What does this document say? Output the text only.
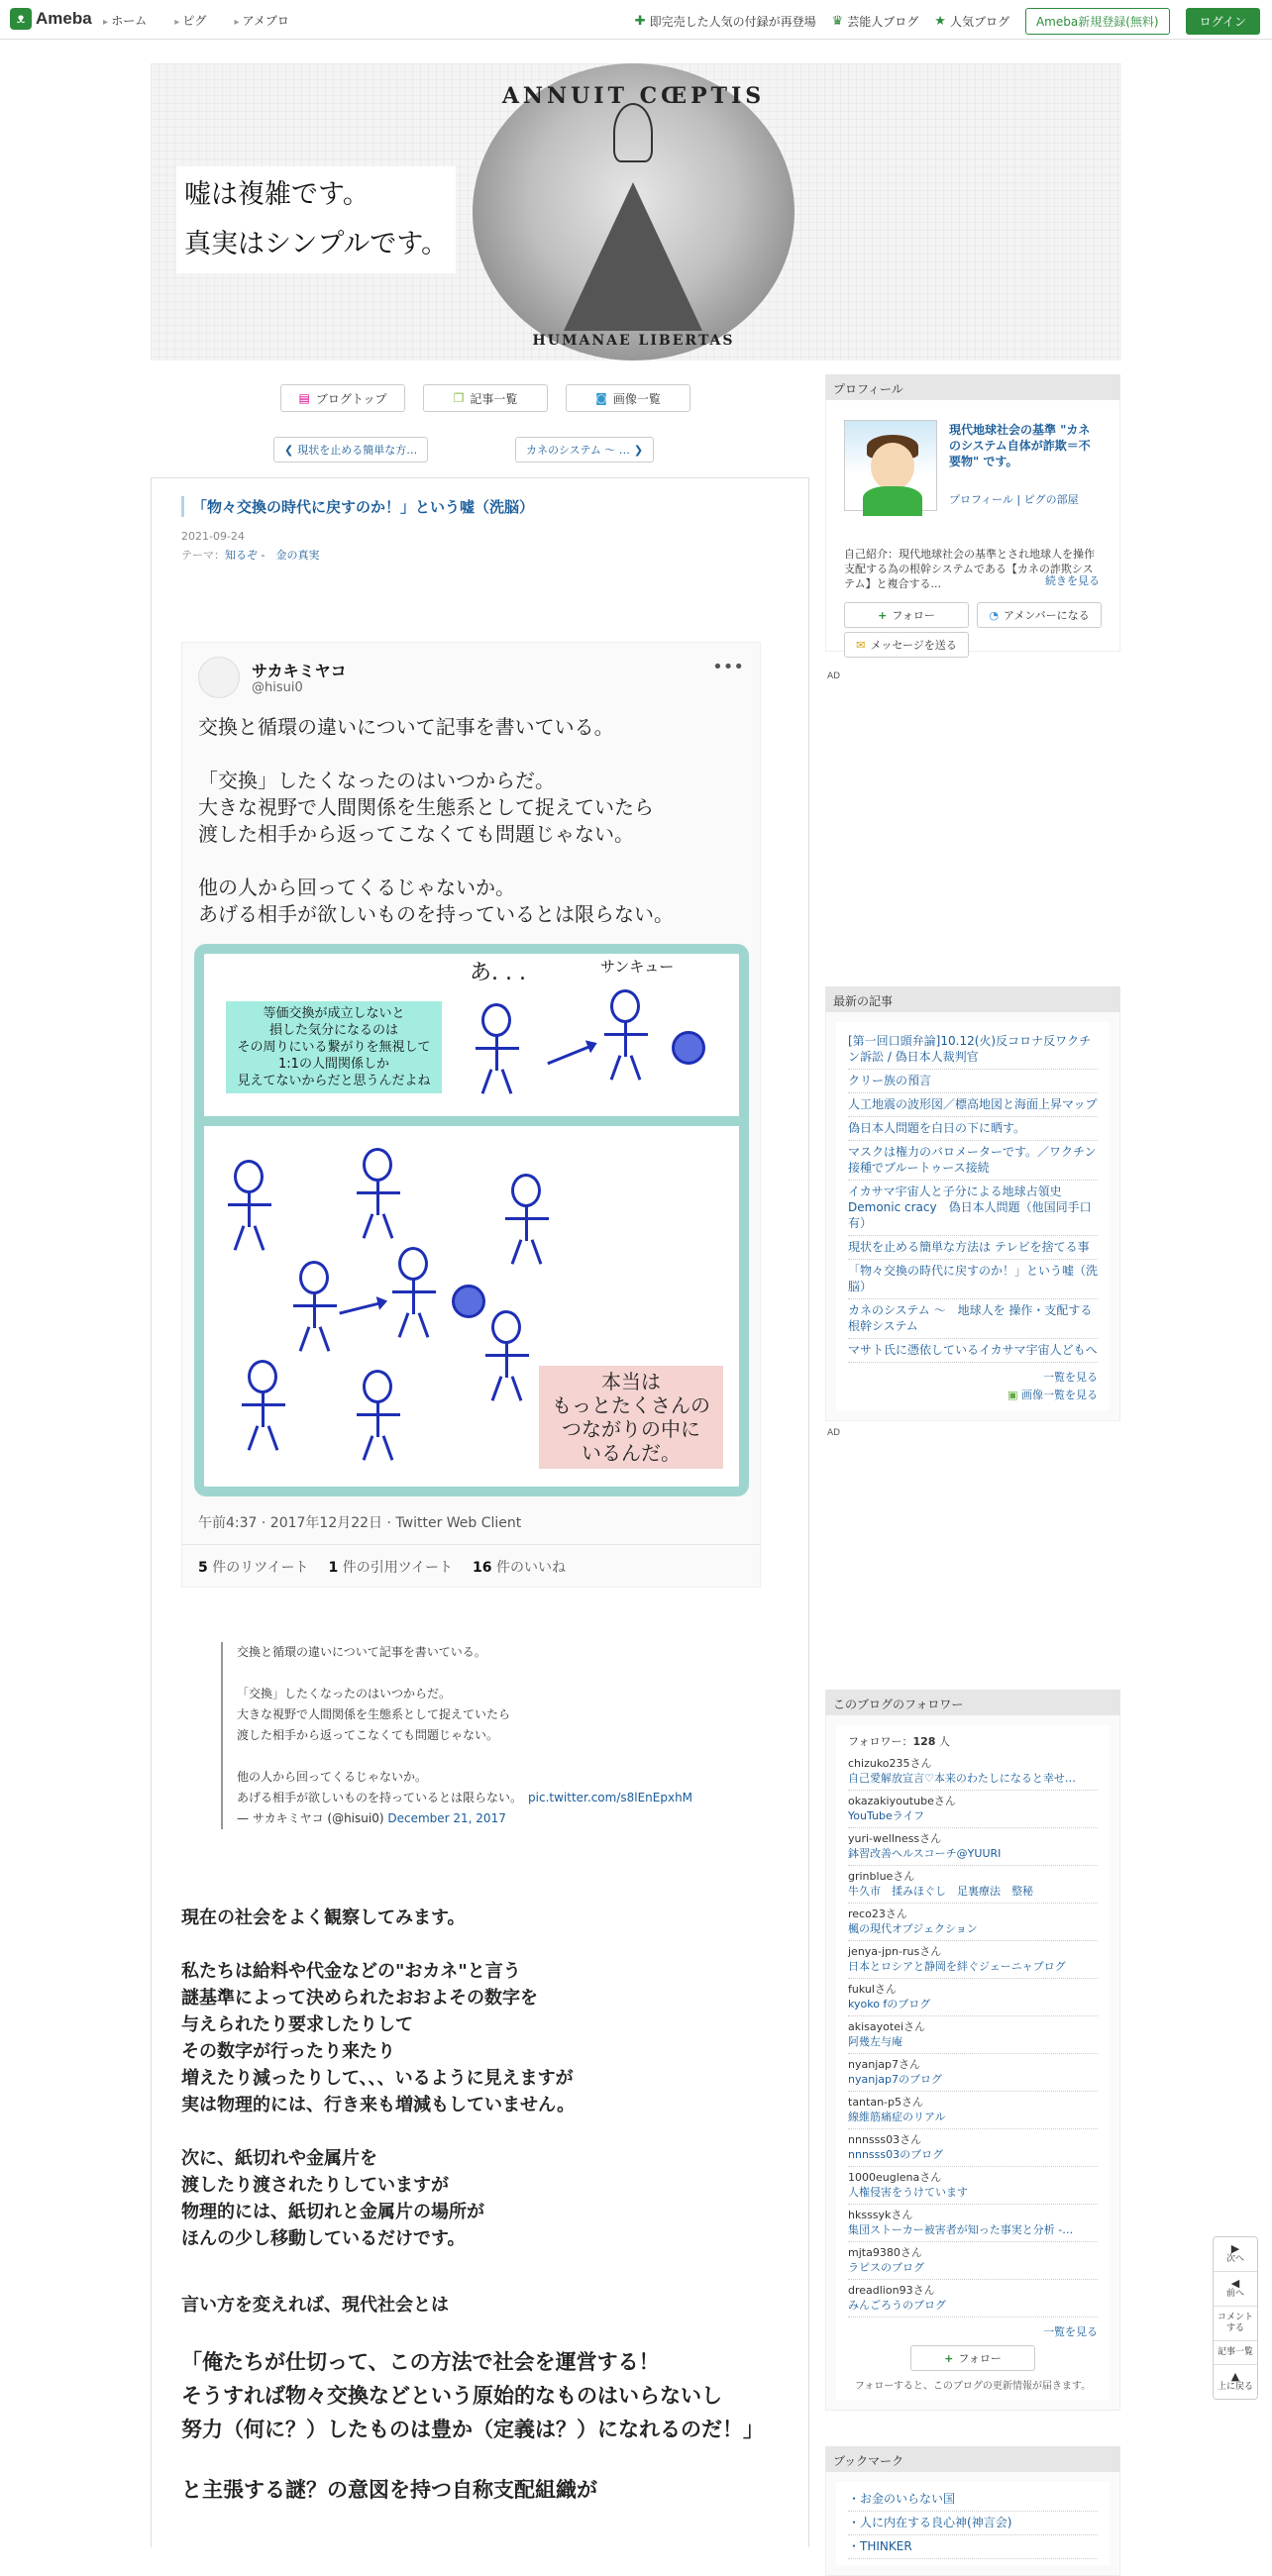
ᴥ Ameba	▸ ホーム	▸ ピグ	▸ アメブロ	✚ 即完売した人気の付録が再登場 ♛ 芸能人ブログ ★ 人気ブログ	Ameba新規登録(無料)	ログイン
嘘は複雑です。
真実はシンプルです。
ANNUIT CŒPTIS
HUMANAE LIBERTAS
▤ ブログトップ	❐ 記事一覧	◙ 画像一覧
❮ 現状を止める簡単な方…	カネのシステム ～ … ❯
「物々交換の時代に戻すのか！」という嘘（洗脳）
2021-09-24
テーマ：知るぞ -　 金の真実
サカキミヤコ
@hisui0
•••

交換と循環の違いについて記事を書いている。

「交換」したくなったのはいつからだ。
大きな視野で人間関係を生態系として捉えていたら
渡した相手から返ってこなくても問題じゃない。

他の人から回ってくるじゃないか。
あげる相手が欲しいものを持っているとは限らない。

等価交換が成立しないと
損した気分になるのは
その周りにいる繋がりを無視して
1:1の人間関係しか
見えてないからだと思うんだよね
あ. . .	サンキュー
本当は
もっとたくさんの
つながりの中に
いるんだ。
午前4:37 · 2017年12月22日 · Twitter Web Client
5 件のリツイート 1 件の引用ツイート 16 件のいいね

交換と循環の違いについて記事を書いている。

「交換」したくなったのはいつからだ。
大きな視野で人間関係を生態系として捉えていたら
渡した相手から返ってこなくても問題じゃない。

他の人から回ってくるじゃないか。
あげる相手が欲しいものを持っているとは限らない。　 pic.twitter.com/s8lEnEpxhM

— サカキミヤコ (@hisui0) December 21, 2017

現在の社会をよく観察してみます。

私たちは給料や代金などの"おカネ"と言う
謎基準によって決められたおおよその数字を
与えられたり要求したりして
その数字が行ったり来たり
増えたり減ったりして、、、いるように見えますが
実は物理的には、行き来も増減もしていません。

次に、紙切れや金属片を
渡したり渡されたりしていますが
物理的には、紙切れと金属片の場所が
ほんの少し移動しているだけです。

言い方を変えれば、現代社会とは

「俺たちが仕切って、この方法で社会を運営する！
そうすれば物々交換などという原始的なものはいらないし
努力（何に？）したものは豊か（定義は？）になれるのだ！」

と主張する謎？の意図を持つ自称支配組織が

プロフィール
現代地球社会の基準 "カネのシステム自体が詐欺＝不要物" です。
プロフィール | ピグの部屋
自己紹介：現代地球社会の基準とされ地球人を操作支配する為の根幹システムである【カネの詐欺システム】と複合する...	続きを見る
+ フォロー	◔ アメンバーになる
✉ メッセージを送る
AD
最新の記事
[第一回口頭弁論]10.12(火)反コロナ反ワクチン訴訟 / 偽日本人裁判官
クリー族の預言
人工地震の波形図／標高地図と海面上昇マップ
偽日本人問題を白日の下に晒す。
マスクは権力のバロメーターです。／ワクチン接種でブルートゥース接続
イカサマ宇宙人と子分による地球占領史 Demonic cracy　偽日本人問題（他国同手口有）
現状を止める簡単な方法は テレビを捨てる事
「物々交換の時代に戻すのか！」という嘘（洗脳）
カネのシステム ～　地球人を 操作・支配する根幹システム
マサト氏に憑依しているイカサマ宇宙人どもへ
一覧を見る
▣ 画像一覧を見る
AD
このブログのフォロワー
フォロワー：128 人
chizuko235さん
自己愛解放宣言♡本来のわたしになると幸せ…
okazakiyoutubeさん
YouTubeライフ
yuri-wellnessさん
鉢習改善ヘルスコーチ@YUURI
grinblueさん
牛久市　揉みほぐし　足裏療法　整秘
reco23さん
楓の現代オブジェクション
jenya-jpn-rusさん
日本とロシアと静岡を絆ぐジェーニャブログ
fukulさん
kyoko fのブログ
akisayoteiさん
阿幾左与庵
nyanjap7さん
nyanjap7のブログ
tantan-p5さん
線維筋痛症のリアル
nnnsss03さん
nnnsss03のブログ
1000euglenaさん
人権侵害をうけています
hksssykさん
集団ストーカー被害者が知った事実と分析 -…
mjta9380さん
ラピスのブログ
dreadlion93さん
みんごろうのブログ
一覧を見る
+ フォロー
フォローすると、このブログの更新情報が届きます。
ブックマーク
・お金のいらない国
・人に内在する良心神(神言会)
・THINKER
▶
次へ
◀
前へ
コメントする
記事一覧
▲
上に戻る
